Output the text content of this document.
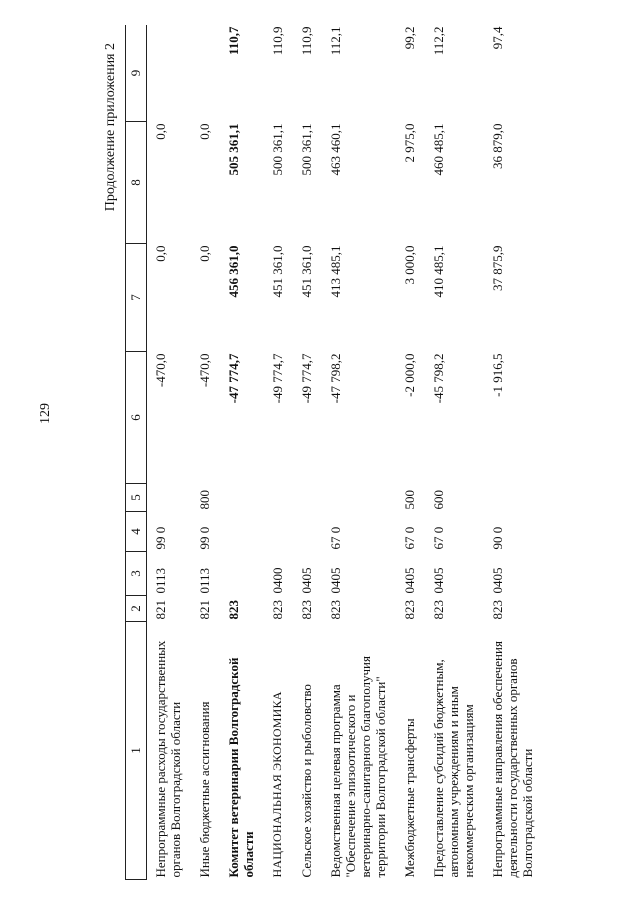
129
Продолжение приложения 2
1	2	3	4	5	6	7	8	9
Непрограммные расходы государственных органов Волгоградской области	821	0113	99 0		-470,0	0,0	0,0	
Иные бюджетные ассигнования	821	0113	99 0	800	-470,0	0,0	0,0	
Комитет ветеринарии Волгоградской области	823				-47 774,7	456 361,0	505 361,1	110,7
НАЦИОНАЛЬНАЯ ЭКОНОМИКА	823	0400			-49 774,7	451 361,0	500 361,1	110,9
Сельское хозяйство и рыболовство	823	0405			-49 774,7	451 361,0	500 361,1	110,9
Ведомственная целевая программа "Обеспечение эпизоотического и ветеринарно-санитарного благополучия территории Волгоградской области"	823	0405	67 0		-47 798,2	413 485,1	463 460,1	112,1
Межбюджетные трансферты	823	0405	67 0	500	-2 000,0	3 000,0	2 975,0	99,2
Предоставление субсидий бюджетным, автономным учреждениям и иным некоммерческим организациям	823	0405	67 0	600	-45 798,2	410 485,1	460 485,1	112,2
Непрограммные направления обеспечения деятельности государственных органов Волгоградской области	823	0405	90 0		-1 916,5	37 875,9	36 879,0	97,4
